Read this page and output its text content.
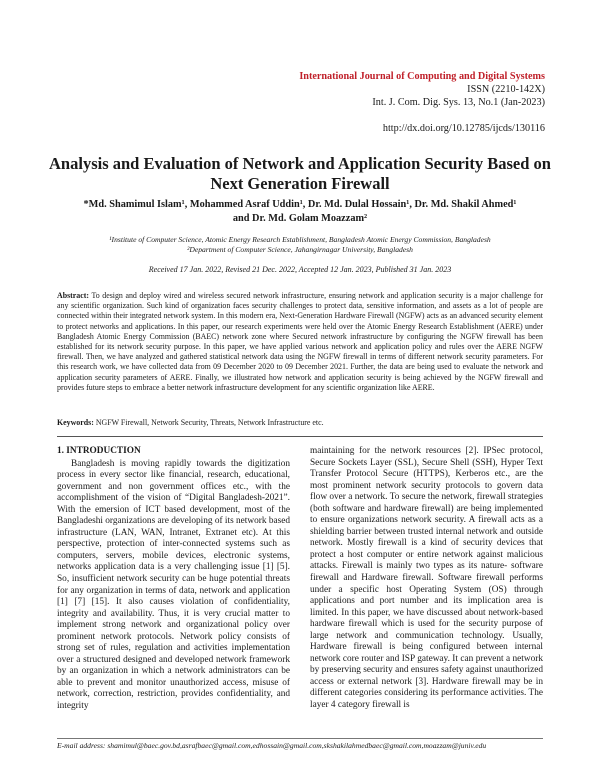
International Journal of Computing and Digital Systems
ISSN (2210-142X)
Int. J. Com. Dig. Sys. 13, No.1 (Jan-2023)
http://dx.doi.org/10.12785/ijcds/130116
Analysis and Evaluation of Network and Application Security Based on Next Generation Firewall
*Md. Shamimul Islam¹, Mohammed Asraf Uddin¹, Dr. Md. Dulal Hossain¹, Dr. Md. Shakil Ahmed¹
and Dr. Md. Golam Moazzam²
¹Institute of Computer Science, Atomic Energy Research Establishment, Bangladesh Atomic Energy Commission, Bangladesh
²Department of Computer Science, Jahangirnagar University, Bangladesh
Received 17 Jan. 2022, Revised 21 Dec. 2022, Accepted 12 Jan. 2023, Published 31 Jan. 2023
Abstract: To design and deploy wired and wireless secured network infrastructure, ensuring network and application security is a major challenge for any scientific organization. Such kind of organization faces security challenges to protect data, sensitive information, and assets as a lot of people are connected within their integrated network system. In this modern era, Next-Generation Hardware Firewall (NGFW) acts as an advanced security element to protect networks and applications. In this paper, our research experiments were held over the Atomic Energy Research Establishment (AERE) under Bangladesh Atomic Energy Commission (BAEC) network zone where Secured network infrastructure by configuring the NGFW firewall has been established for its network security purpose. In this paper, we have applied various network and application policy and rules over the AERE NGFW firewall. Then, we have analyzed and gathered statistical network data using the NGFW firewall in terms of different network security parameters. For this research work, we have collected data from 09 December 2020 to 09 December 2021. Further, the data are being used to evaluate the network and application security parameters of AERE. Finally, we illustrated how network and application security is being achieved by the NGFW firewall and provides future steps to embrace a better network infrastructure development for any scientific organization like AERE.
Keywords: NGFW Firewall, Network Security, Threats, Network Infrastructure etc.
1. INTRODUCTION

Bangladesh is moving rapidly towards the digitization process in every sector like financial, research, educational, government and non government offices etc., with the accomplishment of the vision of “Digital Bangladesh-2021”. With the emersion of ICT based development, most of the Bangladeshi organizations are developing of its network based infrastructure (LAN, WAN, Intranet, Extranet etc). At this perspective, protection of inter-connected systems such as computers, servers, mobile devices, electronic systems, networks application data is a very challenging issue [1] [5]. So, insufficient network security can be huge potential threats for any organization in terms of data, network and application [1] [7] [15]. It also causes violation of confidentiality, integrity and availability. Thus, it is very crucial matter to implement strong network and organizational policy over prominent network protocols. Network policy consists of strong set of rules, regulation and activities implementation over a structured designed and developed network framework by an organization in which a network administrators can be able to prevent and monitor unauthorized access, misuse of network, correction, restriction, provides confidentiality, and integrity

maintaining for the network resources [2]. IPSec protocol, Secure Sockets Layer (SSL), Secure Shell (SSH), Hyper Text Transfer Protocol Secure (HTTPS), Kerberos etc., are the most prominent network security protocols to govern data flow over a network. To secure the network, firewall strategies (both software and hardware firewall) are being implemented to ensure organizations network security. A firewall acts as a shielding barrier between trusted internal network and outside network. Mostly firewall is a kind of security devices that protect a host computer or entire network against malicious attacks. Firewall is mainly two types as its nature- software firewall and Hardware firewall. Software firewall performs under a specific host Operating System (OS) through applications and port number and its implication area is limited. In this paper, we have discussed about network-based hardware firewall which is used for the security purpose of large network and communication technology. Usually, Hardware firewall is being configured between internal network core router and ISP gateway. It can prevent a network by preserving security and ensures safety against unauthorized access or external network [3]. Hardware firewall may be in different categories considering its performance activities. The layer 4 category firewall is

E-mail address: shamimul@baec.gov.bd,asrafbaec@gmail.com,edhossain@gmail.com,skshakilahmedbaec@gmail.com,moazzam@juniv.edu
